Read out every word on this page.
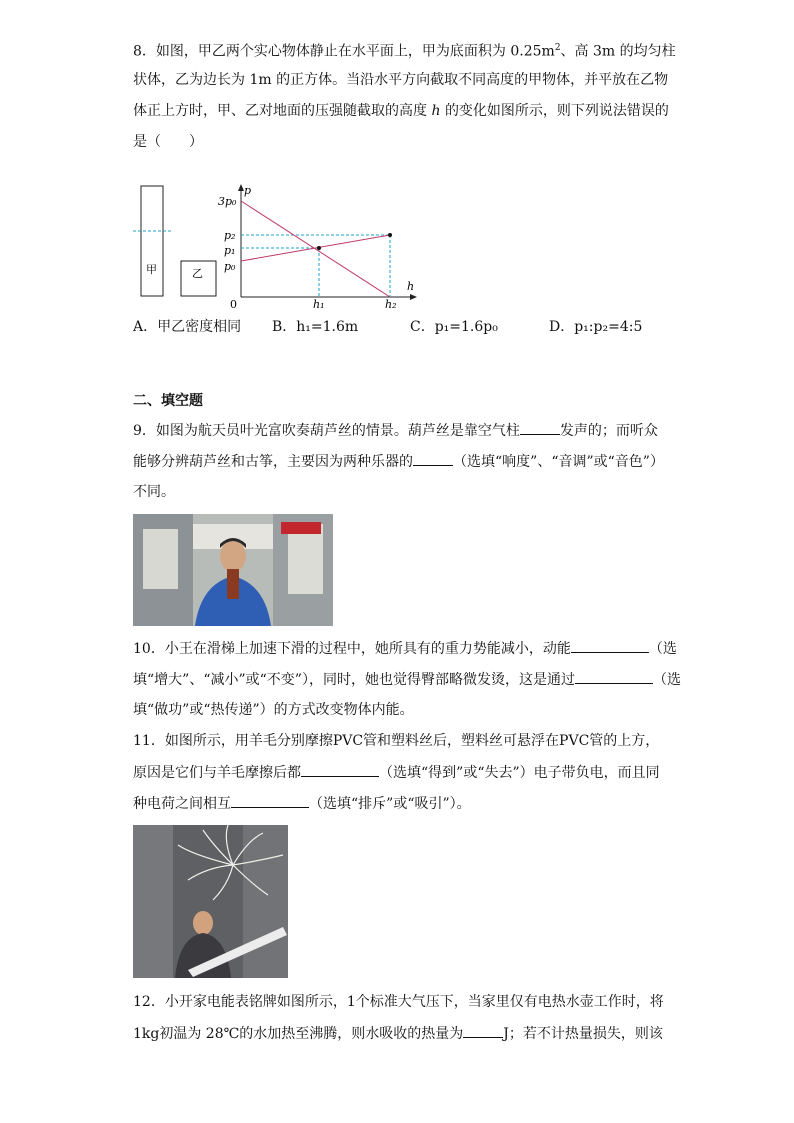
8．如图，甲乙两个实心物体静止在水平面上，甲为底面积为 $0.25m^2$、高 3m 的均匀柱
状体，乙为边长为 1m 的正方体。当沿水平方向截取不同高度的甲物体，并平放在乙物
体正上方时，甲、乙对地面的压强随截取的高度 h 的变化如图所示，则下列说法错误的
是（　　）
甲	乙
p
h
0
3p₀
p₂
p₁
p₀
h₁	h₂
A．甲乙密度相同 B．h₁=1.6m	C．p₁=1.6p₀	D．p₁:p₂=4:5
二、填空题
9．如图为航天员叶光富吹奏葫芦丝的情景。葫芦丝是靠空气柱	发声的；而听众
能够分辨葫芦丝和古筝，主要因为两种乐器的	（选填“响度”、“音调”或“音色”）
不同。
10．小王在滑梯上加速下滑的过程中，她所具有的重力势能减小，动能	（选
填“增大”、“减小”或“不变”），同时，她也觉得臀部略微发烫，这是通过	（选
填“做功”或“热传递”）的方式改变物体内能。
11．如图所示，用羊毛分别摩擦PVC管和塑料丝后，塑料丝可悬浮在PVC管的上方，
原因是它们与羊毛摩擦后都	（选填“得到”或“失去”）电子带负电，而且同
种电荷之间相互	（选填“排斥”或“吸引”）。
12．小开家电能表铭牌如图所示，1个标准大气压下，当家里仅有电热水壶工作时，将
1kg初温为 28℃的水加热至沸腾，则水吸收的热量为	J；若不计热量损失，则该
